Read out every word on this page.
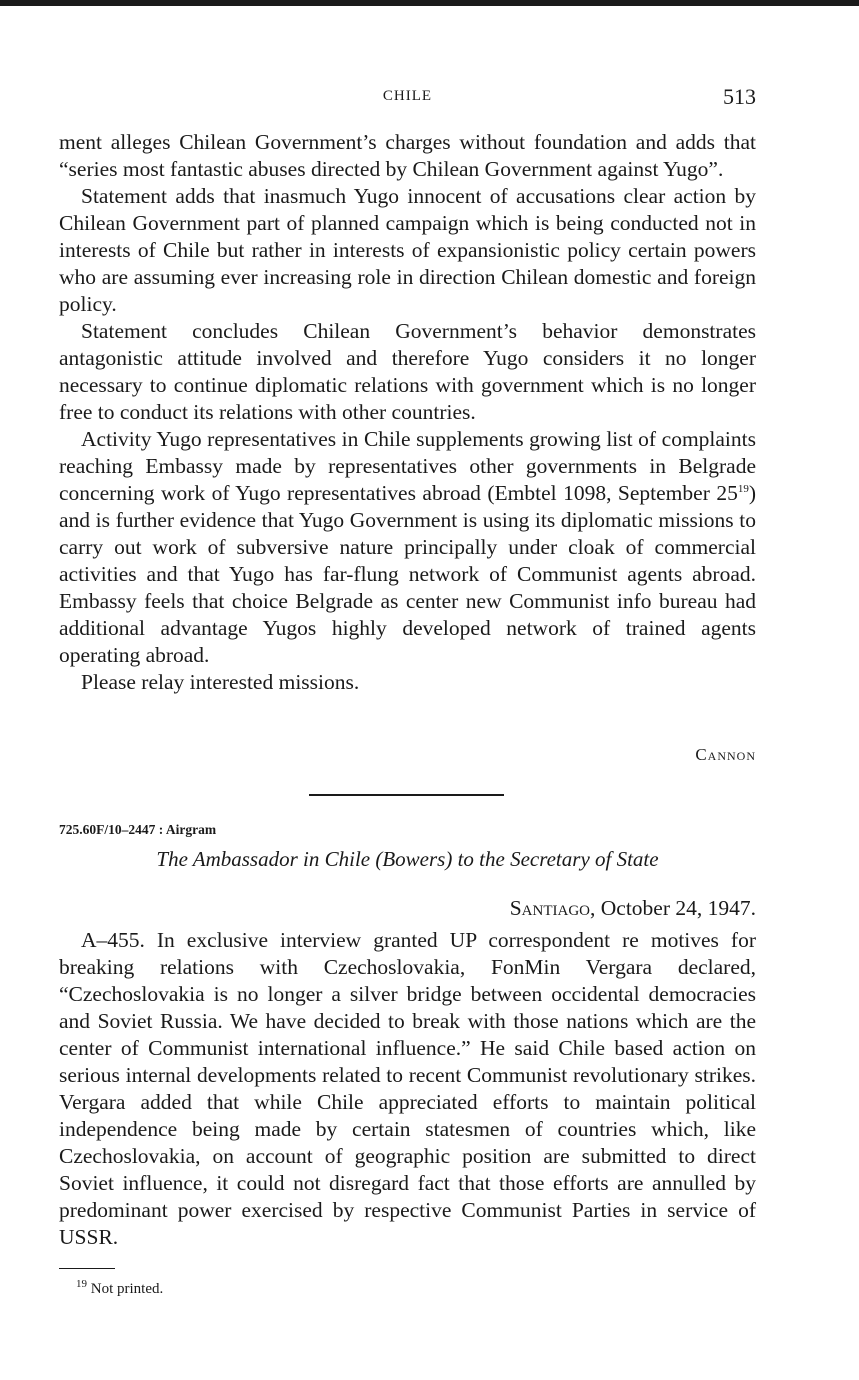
CHILE	513

ment alleges Chilean Government’s charges without foundation and adds that “series most fantastic abuses directed by Chilean Government against Yugo”.

Statement adds that inasmuch Yugo innocent of accusations clear action by Chilean Government part of planned campaign which is being conducted not in interests of Chile but rather in interests of expansionistic policy certain powers who are assuming ever increasing role in direction Chilean domestic and foreign policy.

Statement concludes Chilean Government’s behavior demonstrates antagonistic attitude involved and therefore Yugo considers it no longer necessary to continue diplomatic relations with government which is no longer free to conduct its relations with other countries.

Activity Yugo representatives in Chile supplements growing list of complaints reaching Embassy made by representatives other governments in Belgrade concerning work of Yugo representatives abroad (Embtel 1098, September $25^{19}$) and is further evidence that Yugo Government is using its diplomatic missions to carry out work of subversive nature principally under cloak of commercial activities and that Yugo has far-flung network of Communist agents abroad. Embassy feels that choice Belgrade as center new Communist info bureau had additional advantage Yugos highly developed network of trained agents operating abroad.

Please relay interested missions.

Cannon
725.60F/10–2447 : Airgram
The Ambassador in Chile (Bowers) to the Secretary of State
Santiago, October 24, 1947.

A–455. In exclusive interview granted UP correspondent re motives for breaking relations with Czechoslovakia, FonMin Vergara declared, “Czechoslovakia is no longer a silver bridge between occidental democracies and Soviet Russia. We have decided to break with those nations which are the center of Communist international influence.” He said Chile based action on serious internal developments related to recent Communist revolutionary strikes. Vergara added that while Chile appreciated efforts to maintain political independence being made by certain statesmen of countries which, like Czechoslovakia, on account of geographic position are submitted to direct Soviet influence, it could not disregard fact that those efforts are annulled by predominant power exercised by respective Communist Parties in service of USSR.

$^{19}$ Not printed.
